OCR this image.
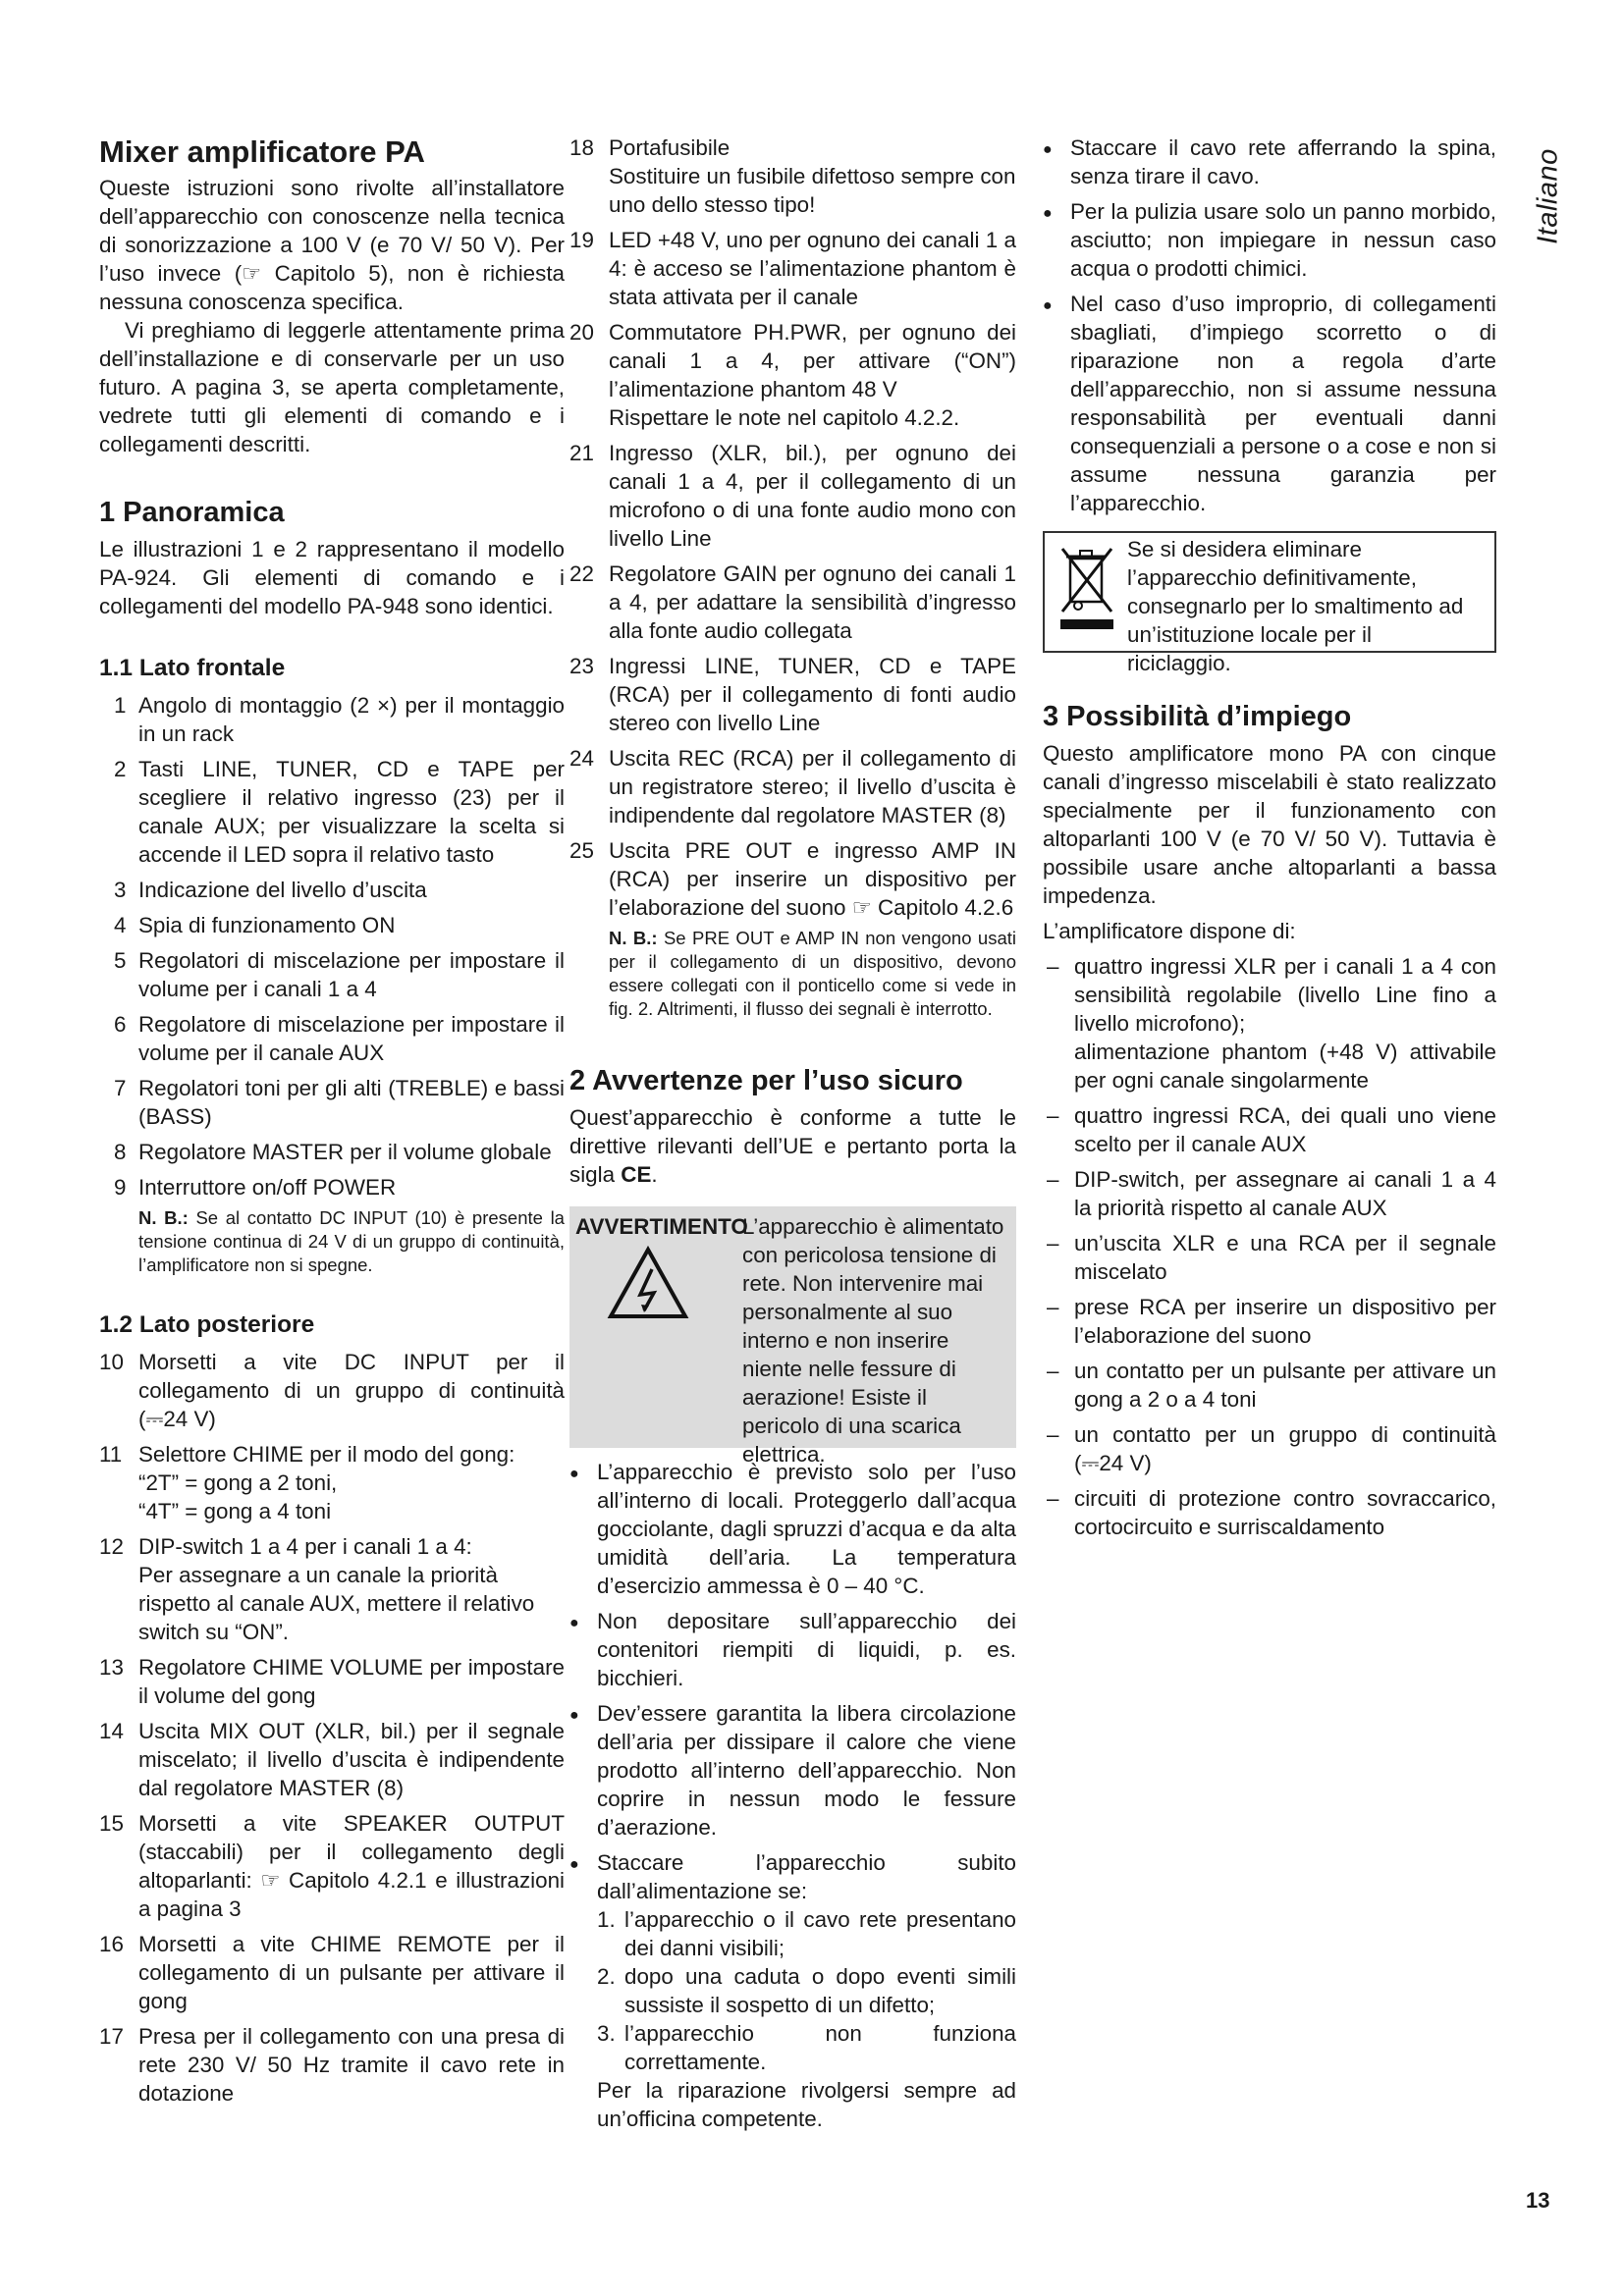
Italiano
Mixer amplificatore PA

Queste istruzioni sono rivolte all’installatore dell’apparecchio con conoscenze nella tecnica di sonorizzazione a 100 V (e 70 V/ 50 V). Per l’uso invece (☞ Capitolo 5), non è richiesta nessuna conoscenza specifica.

Vi preghiamo di leggerle attentamente prima dell’installazione e di conservarle per un uso futuro. A pagina 3, se aperta completamente, vedrete tutti gli elementi di comando e i collegamenti descritti.

1 Panoramica

Le illustrazioni 1 e 2 rappresentano il modello PA-924. Gli elementi di comando e i collegamenti del modello PA-948 sono identici.

1.1 Lato frontale
1 Angolo di montaggio (2 ×) per il montaggio in un rack
2 Tasti LINE, TUNER, CD e TAPE per scegliere il relativo ingresso (23) per il canale AUX; per visualizzare la scelta si accende il LED sopra il relativo tasto
3 Indicazione del livello d’uscita
4 Spia di funzionamento ON
5 Regolatori di miscelazione per impostare il volume per i canali 1 a 4
6 Regolatore di miscelazione per impostare il volume per il canale AUX
7 Regolatori toni per gli alti (TREBLE) e bassi (BASS)
8 Regolatore MASTER per il volume globale
9 Interruttore on/off POWER
N. B.: Se al contatto DC INPUT (10) è presente la tensione continua di 24 V di un gruppo di continuità, l’amplificatore non si spegne.
1.2 Lato posteriore
10 Morsetti a vite DC INPUT per il collegamento di un gruppo di continuità (⎓24 V)
11 Selettore CHIME per il modo del gong:
“2T” = gong a 2 toni,
“4T” = gong a 4 toni
12 DIP-switch 1 a 4 per i canali 1 a 4:
Per assegnare a un canale la priorità rispetto al canale AUX, mettere il relativo switch su “ON”.
13 Regolatore CHIME VOLUME per impostare il volume del gong
14 Uscita MIX OUT (XLR, bil.) per il segnale miscelato; il livello d’uscita è indipendente dal regolatore MASTER (8)
15 Morsetti a vite SPEAKER OUTPUT (staccabili) per il collegamento degli altoparlanti: ☞ Capitolo 4.2.1 e illustrazioni a pagina 3
16 Morsetti a vite CHIME REMOTE per il collegamento di un pulsante per attivare il gong
17 Presa per il collegamento con una presa di rete 230 V/ 50 Hz tramite il cavo rete in dotazione
18 Portafusibile
Sostituire un fusibile difettoso sempre con uno dello stesso tipo!
19 LED +48 V, uno per ognuno dei canali 1 a 4: è acceso se l’alimentazione phantom è stata attivata per il canale
20 Commutatore PH.PWR, per ognuno dei canali 1 a 4, per attivare (“ON”) l’alimentazione phantom 48 V
Rispettare le note nel capitolo 4.2.2.
21 Ingresso (XLR, bil.), per ognuno dei canali 1 a 4, per il collegamento di un microfono o di una fonte audio mono con livello Line
22 Regolatore GAIN per ognuno dei canali 1 a 4, per adattare la sensibilità d’ingresso alla fonte audio collegata
23 Ingressi LINE, TUNER, CD e TAPE (RCA) per il collegamento di fonti audio stereo con livello Line
24 Uscita REC (RCA) per il collegamento di un registratore stereo; il livello d’uscita è indipendente dal regolatore MASTER (8)
25 Uscita PRE OUT e ingresso AMP IN (RCA) per inserire un dispositivo per l’elaborazione del suono ☞ Capitolo 4.2.6
N. B.: Se PRE OUT e AMP IN non vengono usati per il collegamento di un dispositivo, devono essere collegati con il ponticello come si vede in fig. 2. Altrimenti, il flusso dei segnali è interrotto.
2 Avvertenze per l’uso sicuro

Quest’apparecchio è conforme a tutte le direttive rilevanti dell’UE e pertanto porta la sigla CE.

AVVERTIMENTO
L’apparecchio è alimentato con pericolosa tensione di rete. Non intervenire mai personalmente al suo interno e non inserire niente nelle fessure di aerazione! Esiste il pericolo di una scarica elettrica.
● L’apparecchio è previsto solo per l’uso all’interno di locali. Proteggerlo dall’acqua gocciolante, dagli spruzzi d’acqua e da alta umidità dell’aria. La temperatura d’esercizio ammessa è 0 – 40 °C.
● Non depositare sull’apparecchio dei contenitori riempiti di liquidi, p. es. bicchieri.
● Dev’essere garantita la libera circolazione dell’aria per dissipare il calore che viene prodotto all’interno dell’apparecchio. Non coprire in nessun modo le fessure d’aerazione.
● Staccare l’apparecchio subito dall’alimentazione se:
1. l’apparecchio o il cavo rete presentano dei danni visibili;
2. dopo una caduta o dopo eventi simili sussiste il sospetto di un difetto;
3. l’apparecchio non funziona correttamente.

Per la riparazione rivolgersi sempre ad un’officina competente.

● Staccare il cavo rete afferrando la spina, senza tirare il cavo.
● Per la pulizia usare solo un panno morbido, asciutto; non impiegare in nessun caso acqua o prodotti chimici.
● Nel caso d’uso improprio, di collegamenti sbagliati, d’impiego scorretto o di riparazione non a regola d’arte dell’apparecchio, non si assume nessuna responsabilità per eventuali danni consequenziali a persone o a cose e non si assume nessuna garanzia per l’apparecchio.
Se si desidera eliminare l’apparecchio definitivamente, consegnarlo per lo smaltimento ad un’istituzione locale per il riciclaggio.
3 Possibilità d’impiego

Questo amplificatore mono PA con cinque canali d’ingresso miscelabili è stato realizzato specialmente per il funzionamento con altoparlanti 100 V (e 70 V/ 50 V). Tuttavia è possibile usare anche altoparlanti a bassa impedenza.

L’amplificatore dispone di:

– quattro ingressi XLR per i canali 1 a 4 con sensibilità regolabile (livello Line fino a livello microfono);
alimentazione phantom (+48 V) attivabile per ogni canale singolarmente
– quattro ingressi RCA, dei quali uno viene scelto per il canale AUX
– DIP-switch, per assegnare ai canali 1 a 4 la priorità rispetto al canale AUX
– un’uscita XLR e una RCA per il segnale miscelato
– prese RCA per inserire un dispositivo per l’elaborazione del suono
– un contatto per un pulsante per attivare un gong a 2 o a 4 toni
– un contatto per un gruppo di continuità (⎓24 V)
– circuiti di protezione contro sovraccarico, cortocircuito e surriscaldamento
13
